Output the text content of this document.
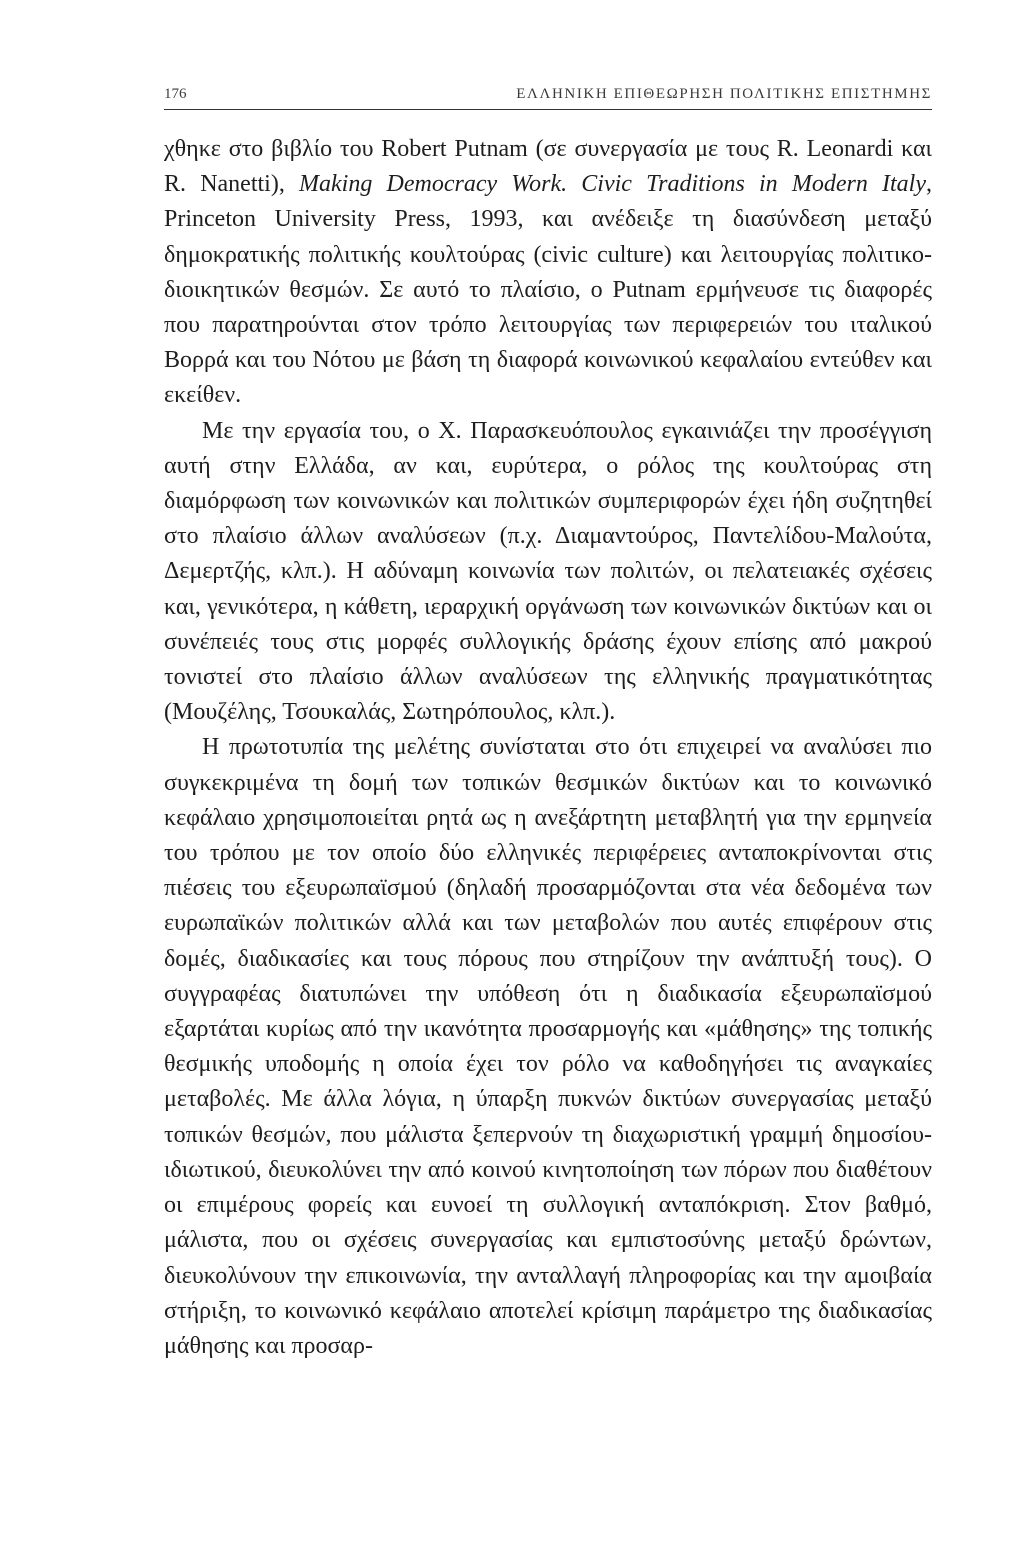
176	ΕΛΛΗΝΙΚΗ ΕΠΙΘΕΩΡΗΣΗ ΠΟΛΙΤΙΚΗΣ ΕΠΙΣΤΗΜΗΣ

χθηκε στο βιβλίο του Robert Putnam (σε συνεργασία με τους R. Leonardi και R. Nanetti), Making Democracy Work. Civic Traditions in Modern Italy, Princeton University Press, 1993, και ανέδειξε τη διασύνδεση μεταξύ δημοκρατικής πολιτικής κουλτούρας (civic culture) και λειτουργίας πολιτικο-διοικητικών θεσμών. Σε αυτό το πλαίσιο, ο Putnam ερμήνευσε τις διαφορές που παρατηρούνται στον τρόπο λειτουργίας των περιφερειών του ιταλικού Βορρά και του Νότου με βάση τη διαφορά κοινωνικού κεφαλαίου εντεύθεν και εκείθεν.

Με την εργασία του, ο Χ. Παρασκευόπουλος εγκαινιάζει την προσέγγιση αυτή στην Ελλάδα, αν και, ευρύτερα, ο ρόλος της κουλτούρας στη διαμόρφωση των κοινωνικών και πολιτικών συμπεριφορών έχει ήδη συζητηθεί στο πλαίσιο άλλων αναλύσεων (π.χ. Διαμαντούρος, Παντελίδου-Μαλούτα, Δεμερτζής, κλπ.). Η αδύναμη κοινωνία των πολιτών, οι πελατειακές σχέσεις και, γενικότερα, η κάθετη, ιεραρχική οργάνωση των κοινωνικών δικτύων και οι συνέπειές τους στις μορφές συλλογικής δράσης έχουν επίσης από μακρού τονιστεί στο πλαίσιο άλλων αναλύσεων της ελληνικής πραγματικότητας (Μουζέλης, Τσουκαλάς, Σωτηρόπουλος, κλπ.).

Η πρωτοτυπία της μελέτης συνίσταται στο ότι επιχειρεί να αναλύσει πιο συγκεκριμένα τη δομή των τοπικών θεσμικών δικτύων και το κοινωνικό κεφάλαιο χρησιμοποιείται ρητά ως η ανεξάρτητη μεταβλητή για την ερμηνεία του τρόπου με τον οποίο δύο ελληνικές περιφέρειες ανταποκρίνονται στις πιέσεις του εξευρωπαϊσμού (δηλαδή προσαρμόζονται στα νέα δεδομένα των ευρωπαϊκών πολιτικών αλλά και των μεταβολών που αυτές επιφέρουν στις δομές, διαδικασίες και τους πόρους που στηρίζουν την ανάπτυξή τους). Ο συγγραφέας διατυπώνει την υπόθεση ότι η διαδικασία εξευρωπαϊσμού εξαρτάται κυρίως από την ικανότητα προσαρμογής και «μάθησης» της τοπικής θεσμικής υποδομής η οποία έχει τον ρόλο να καθοδηγήσει τις αναγκαίες μεταβολές. Με άλλα λόγια, η ύπαρξη πυκνών δικτύων συνεργασίας μεταξύ τοπικών θεσμών, που μάλιστα ξεπερνούν τη διαχωριστική γραμμή δημοσίου-ιδιωτικού, διευκολύνει την από κοινού κινητοποίηση των πόρων που διαθέτουν οι επιμέρους φορείς και ευνοεί τη συλλογική ανταπόκριση. Στον βαθμό, μάλιστα, που οι σχέσεις συνεργασίας και εμπιστοσύνης μεταξύ δρώντων, διευκολύνουν την επικοινωνία, την ανταλλαγή πληροφορίας και την αμοιβαία στήριξη, το κοινωνικό κεφάλαιο αποτελεί κρίσιμη παράμετρο της διαδικασίας μάθησης και προσαρ-
